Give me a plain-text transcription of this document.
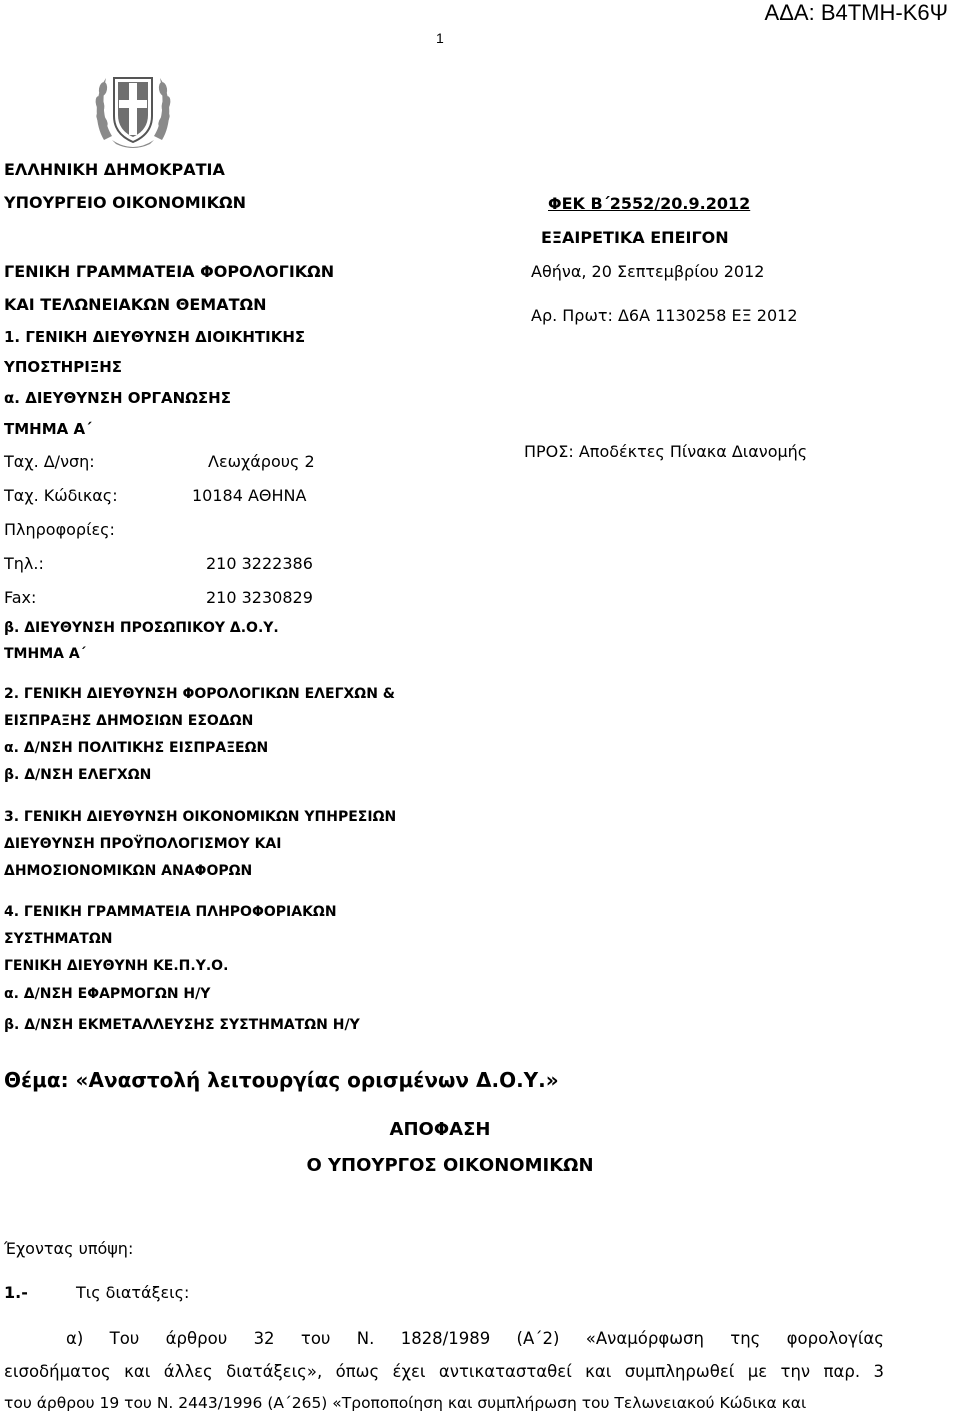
ΑΔΑ: Β4ΤΜΗ-Κ6Ψ
1
ΕΛΛΗΝΙΚΗ ΔΗΜΟΚΡΑΤΙΑ
ΥΠΟΥΡΓΕΙΟ ΟΙΚΟΝΟΜΙΚΩΝ
ΓΕΝΙΚΗ ΓΡΑΜΜΑΤΕΙΑ ΦΟΡΟΛΟΓΙΚΩΝ
ΚΑΙ ΤΕΛΩΝΕΙΑΚΩΝ ΘΕΜΑΤΩΝ
1. ΓΕΝΙΚΗ ΔΙΕΥΘΥΝΣΗ ΔΙΟΙΚΗΤΙΚΗΣ
ΥΠΟΣΤΗΡΙΞΗΣ
α. ΔΙΕΥΘΥΝΣΗ ΟΡΓΑΝΩΣΗΣ
ΤΜΗΜΑ Α΄
Ταχ. Δ/νση:	Λεωχάρους 2
Ταχ. Κώδικας:	10184 ΑΘΗΝΑ
Πληροφορίες:
Τηλ.:	210 3222386
Fax:	210 3230829
β. ΔΙΕΥΘΥΝΣΗ ΠΡΟΣΩΠΙΚΟΥ Δ.Ο.Υ.
ΤΜΗΜΑ Α΄
2. ΓΕΝΙΚΗ ΔΙΕΥΘΥΝΣΗ ΦΟΡΟΛΟΓΙΚΩΝ ΕΛΕΓΧΩΝ &
ΕΙΣΠΡΑΞΗΣ ΔΗΜΟΣΙΩΝ ΕΣΟΔΩΝ
α. Δ/ΝΣΗ ΠΟΛΙΤΙΚΗΣ ΕΙΣΠΡΑΞΕΩΝ
β. Δ/ΝΣΗ ΕΛΕΓΧΩΝ
3. ΓΕΝΙΚΗ ΔΙΕΥΘΥΝΣΗ ΟΙΚΟΝΟΜΙΚΩΝ ΥΠΗΡΕΣΙΩΝ
ΔΙΕΥΘΥΝΣΗ ΠΡΟΫΠΟΛΟΓΙΣΜΟΥ ΚΑΙ
ΔΗΜΟΣΙΟΝΟΜΙΚΩΝ ΑΝΑΦΟΡΩΝ
4. ΓΕΝΙΚΗ ΓΡΑΜΜΑΤΕΙΑ ΠΛΗΡΟΦΟΡΙΑΚΩΝ
ΣΥΣΤΗΜΑΤΩΝ
ΓΕΝΙΚΗ ΔΙΕΥΘΥΝΗ ΚΕ.Π.Υ.Ο.
α. Δ/ΝΣΗ ΕΦΑΡΜΟΓΩΝ Η/Υ
β. Δ/ΝΣΗ ΕΚΜΕΤΑΛΛΕΥΣΗΣ ΣΥΣΤΗΜΑΤΩΝ Η/Υ
ΦΕΚ Β΄2552/20.9.2012
ΕΞΑΙΡΕΤΙΚΑ ΕΠΕΙΓΟΝ
Αθήνα, 20 Σεπτεμβρίου 2012
Αρ. Πρωτ: Δ6Α 1130258 ΕΞ 2012
ΠΡΟΣ: Αποδέκτες Πίνακα Διανομής
Θέμα: «Αναστολή λειτουργίας ορισμένων Δ.Ο.Υ.»
ΑΠΟΦΑΣΗ
Ο ΥΠΟΥΡΓΟΣ ΟΙΚΟΝΟΜΙΚΩΝ
Έχοντας υπόψη:
1.-	Τις διατάξεις:
α) Του άρθρου 32 του Ν. 1828/1989 (Α΄2) «Αναμόρφωση της φορολογίας
εισοδήματος και άλλες διατάξεις», όπως έχει αντικατασταθεί και συμπληρωθεί με την παρ. 3
του άρθρου 19 του Ν. 2443/1996 (Α΄265) «Τροποποίηση και συμπλήρωση του Τελωνειακού Κώδικα και
